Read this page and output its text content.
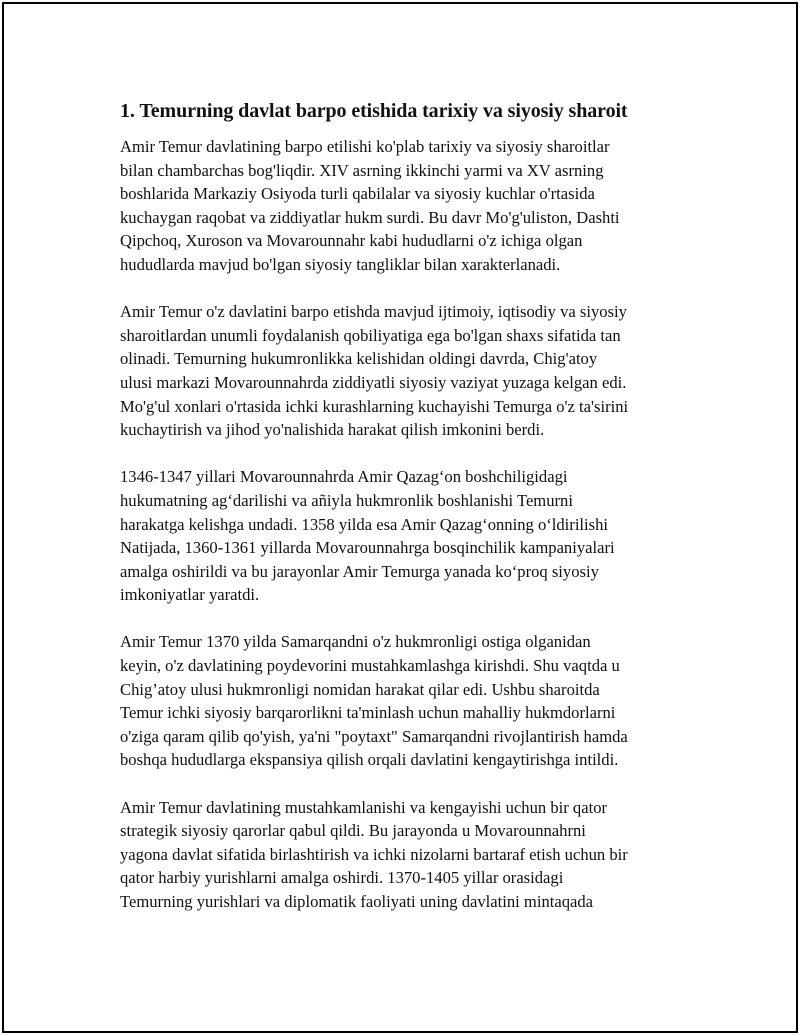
1. Temurning davlat barpo etishida tarixiy va siyosiy sharoit

Amir Temur davlatining barpo etilishi ko'plab tarixiy va siyosiy sharoitlar
bilan chambarchas bog'liqdir. XIV asrning ikkinchi yarmi va XV asrning
boshlarida Markaziy Osiyoda turli qabilalar va siyosiy kuchlar o'rtasida
kuchaygan raqobat va ziddiyatlar hukm surdi. Bu davr Mo'g'uliston, Dashti
Qipchoq, Xuroson va Movarounnahr kabi hududlarni o'z ichiga olgan
hududlarda mavjud bo'lgan siyosiy tangliklar bilan xarakterlanadi.

Amir Temur o'z davlatini barpo etishda mavjud ijtimoiy, iqtisodiy va siyosiy
sharoitlardan unumli foydalanish qobiliyatiga ega bo'lgan shaxs sifatida tan
olinadi. Temurning hukumronlikka kelishidan oldingi davrda, Chig'atoy
ulusi markazi Movarounnahrda ziddiyatli siyosiy vaziyat yuzaga kelgan edi.
Mo'g'ul xonlari o'rtasida ichki kurashlarning kuchayishi Temurga o'z ta'sirini
kuchaytirish va jihod yo'nalishida harakat qilish imkonini berdi.

1346-1347 yillari Movarounnahrda Amir Qazag‘on boshchiligidagi
hukumatning ag‘darilishi va añiyla hukmronlik boshlanishi Temurni
harakatga kelishga undadi. 1358 yilda esa Amir Qazag‘onning o‘ldirilishi
Natijada, 1360-1361 yillarda Movarounnahrga bosqinchilik kampaniyalari
amalga oshirildi va bu jarayonlar Amir Temurga yanada ko‘proq siyosiy
imkoniyatlar yaratdi.

Amir Temur 1370 yilda Samarqandni o'z hukmronligi ostiga olganidan
keyin, o'z davlatining poydevorini mustahkamlashga kirishdi. Shu vaqtda u
Chig’atoy ulusi hukmronligi nomidan harakat qilar edi. Ushbu sharoitda
Temur ichki siyosiy barqarorlikni ta'minlash uchun mahalliy hukmdorlarni
o'ziga qaram qilib qo'yish, ya'ni "poytaxt" Samarqandni rivojlantirish hamda
boshqa hududlarga ekspansiya qilish orqali davlatini kengaytirishga intildi.

Amir Temur davlatining mustahkamlanishi va kengayishi uchun bir qator
strategik siyosiy qarorlar qabul qildi. Bu jarayonda u Movarounnahrni
yagona davlat sifatida birlashtirish va ichki nizolarni bartaraf etish uchun bir
qator harbiy yurishlarni amalga oshirdi. 1370-1405 yillar orasidagi
Temurning yurishlari va diplomatik faoliyati uning davlatini mintaqada
